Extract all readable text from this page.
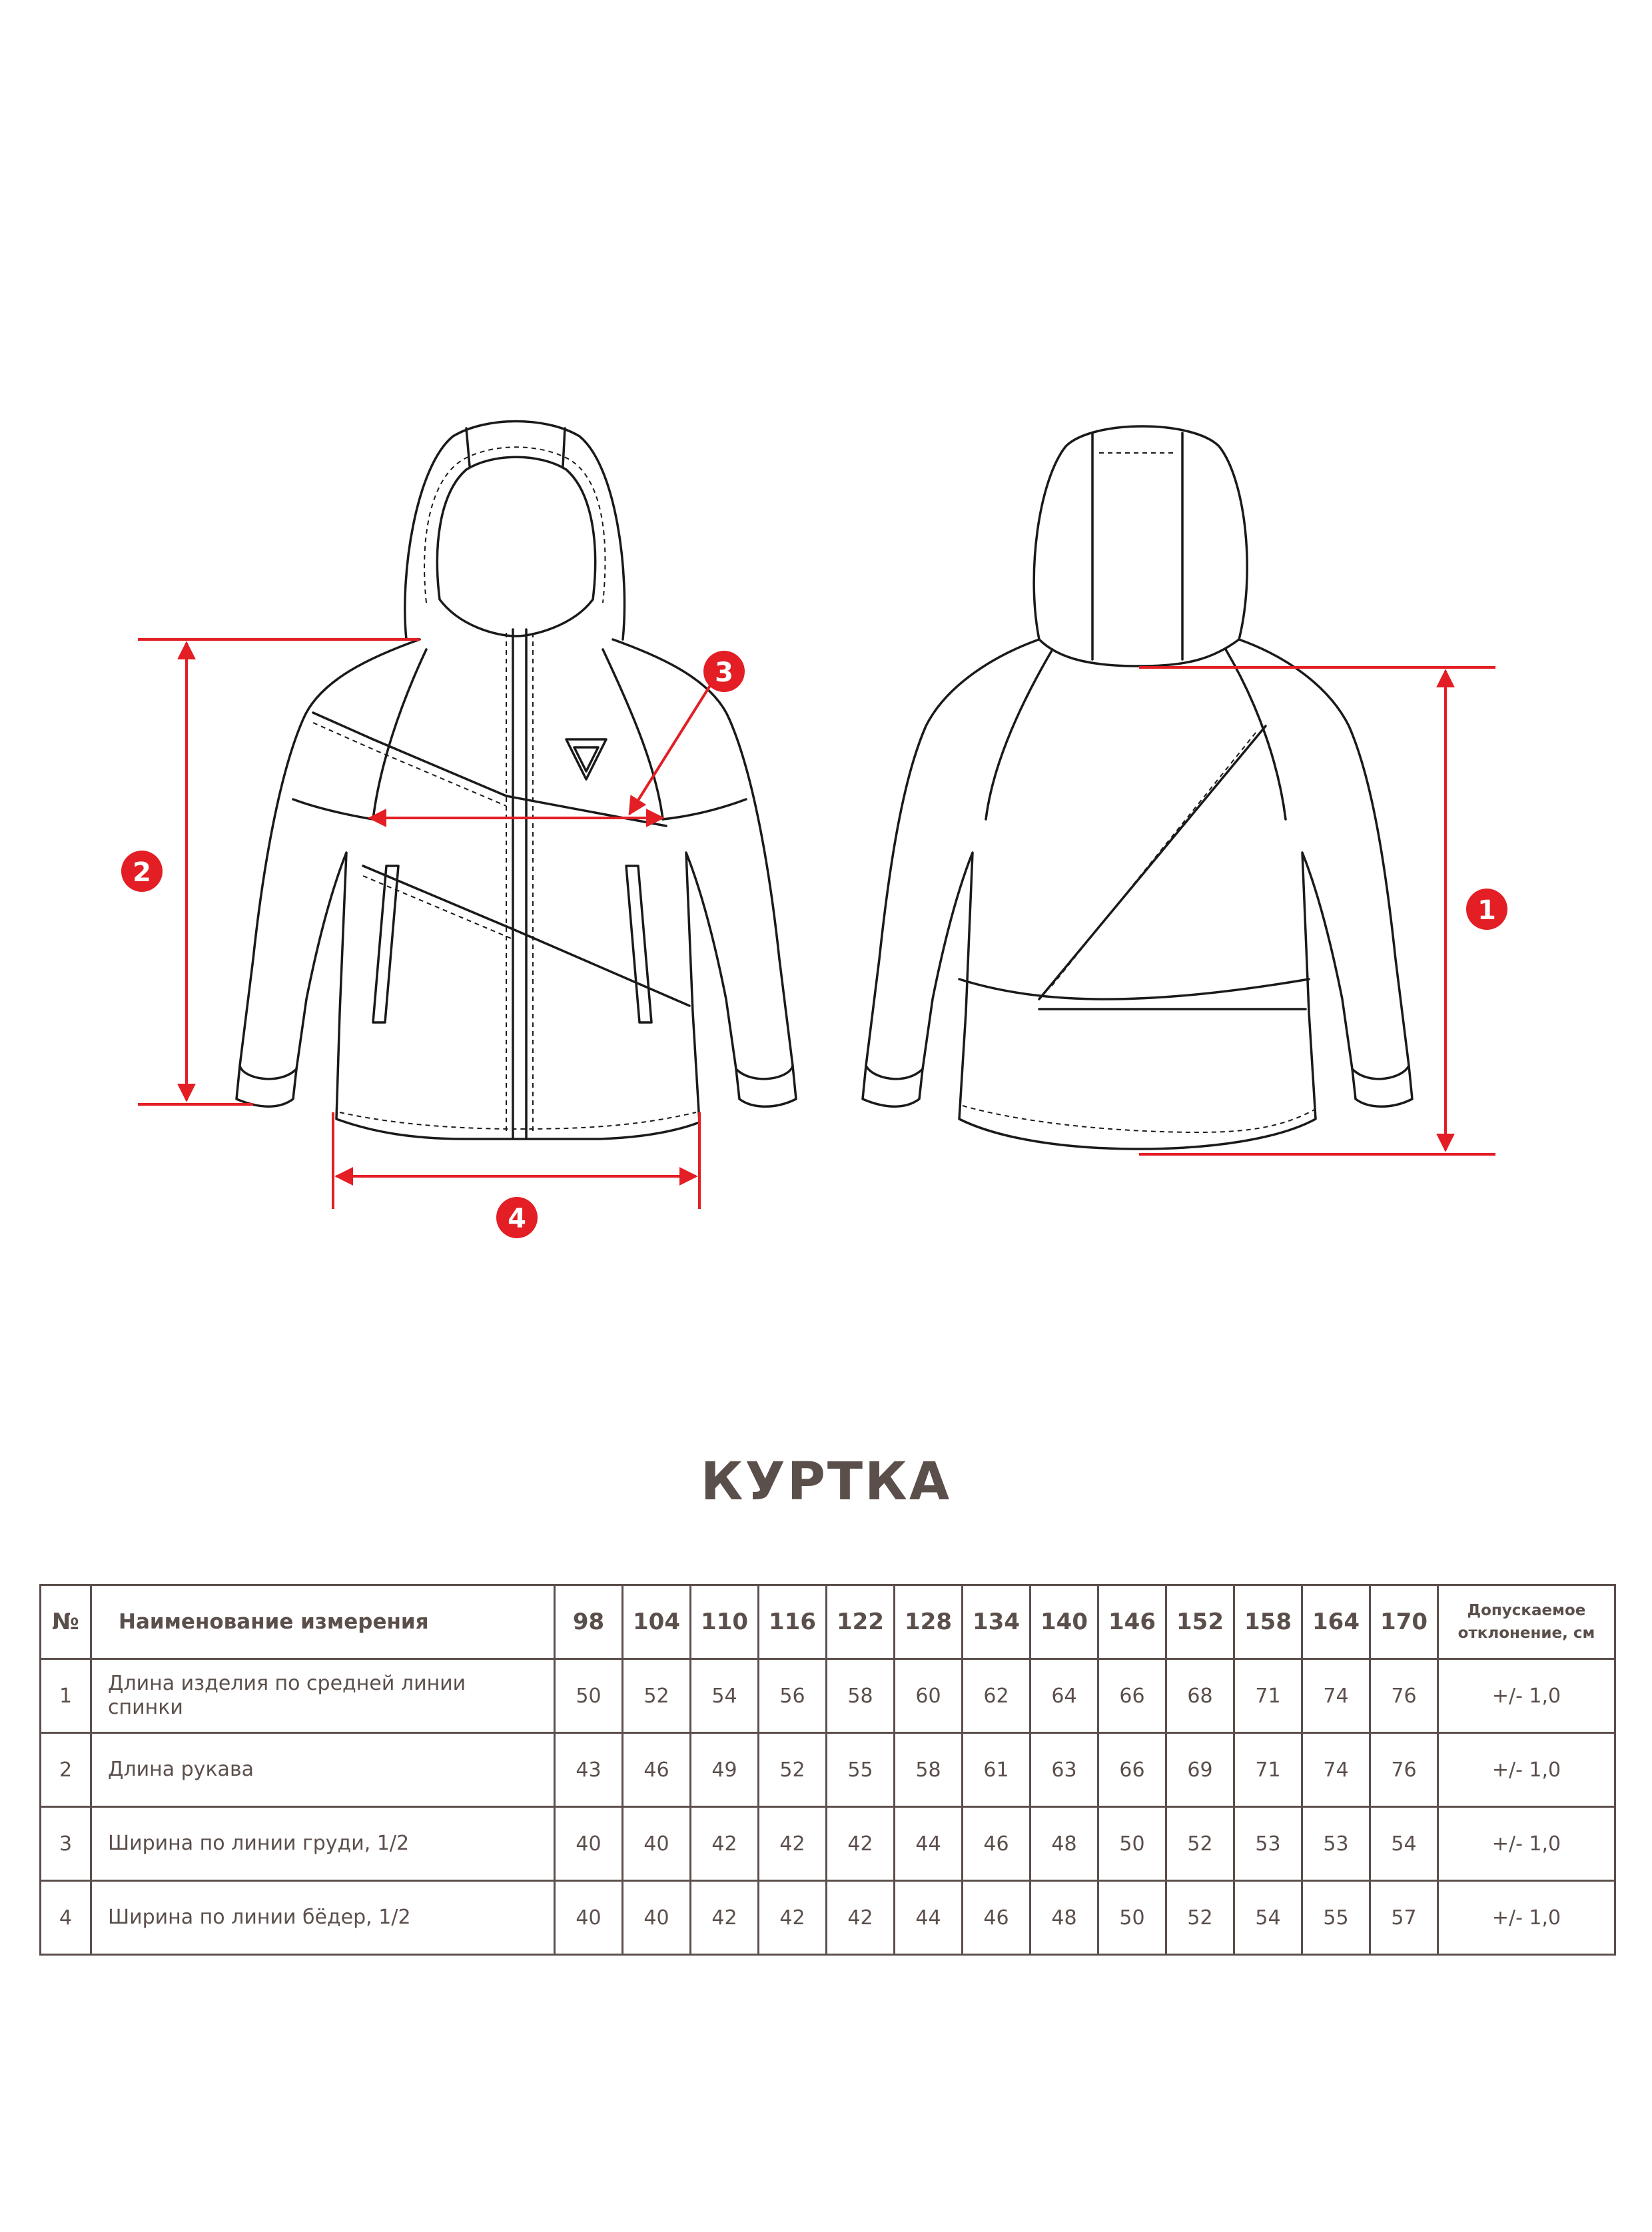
1
2
3
4
КУРТКА
№	Наименование измерения	98	104	110	116	122	128	134	140	146	152	158	164	170	Допускаемое
отклонение, см
1	Длина изделия по средней линии спинки	50	52	54	56	58	60	62	64	66	68	71	74	76	+/- 1,0
2	Длина рукава	43	46	49	52	55	58	61	63	66	69	71	74	76	+/- 1,0
3	Ширина по линии груди, 1/2	40	40	42	42	42	44	46	48	50	52	53	53	54	+/- 1,0
4	Ширина по линии бёдер, 1/2	40	40	42	42	42	44	46	48	50	52	54	55	57	+/- 1,0
